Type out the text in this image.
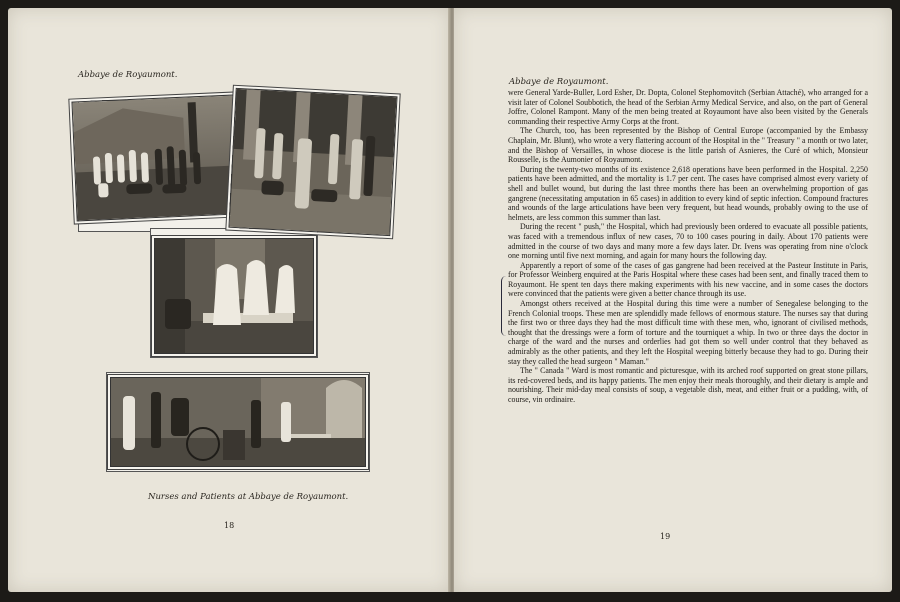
Abbaye de Royaumont.
Nurses and Patients at Abbaye de Royaumont.
18
Abbaye de Royaumont.

were General Yarde-Buller, Lord Esher, Dr. Dopta, Colonel Stephomovitch (Serbian Attaché), who arranged for a visit later of Colonel Soubbotich, the head of the Serbian Army Medical Service, and also, on the part of General Joffre, Colonel Rampont. Many of the men being treated at Royaumont have also been visited by the Generals commanding their respective Army Corps at the front.

The Church, too, has been represented by the Bishop of Central Europe (accompanied by the Embassy Chaplain, Mr. Blunt), who wrote a very flattering account of the Hospital in the " Treasury " a month or two later, and the Bishop of Versailles, in whose diocese is the little parish of Asnieres, the Curé of which, Monsieur Rousselle, is the Aumonier of Royaumont.

During the twenty-two months of its existence 2,618 operations have been performed in the Hospital. 2,250 patients have been admitted, and the mortality is 1.7 per cent. The cases have comprised almost every variety of shell and bullet wound, but during the last three months there has been an overwhelming proportion of gas gangrene (necessitating amputation in 65 cases) in addition to every kind of septic infection. Compound fractures and wounds of the large articulations have been very frequent, but head wounds, probably owing to the use of helmets, are less common this summer than last.

During the recent " push," the Hospital, which had previously been ordered to evacuate all possible patients, was faced with a tremendous influx of new cases, 70 to 100 cases pouring in daily. About 170 patients were admitted in the course of two days and many more a few days later. Dr. Ivens was operating from nine o'clock one morning until five next morning, and again for many hours the following day.

Apparently a report of some of the cases of gas gangrene had been received at the Pasteur Institute in Paris, for Professor Weinberg enquired at the Paris Hospital where these cases had been sent, and finally traced them to Royaumont. He spent ten days there making experiments with his new vaccine, and in some cases the doctors were convinced that the patients were given a better chance through its use.

Amongst others received at the Hospital during this time were a number of Senegalese belonging to the French Colonial troops. These men are splendidly made fellows of enormous stature. The nurses say that during the first two or three days they had the most difficult time with these men, who, ignorant of civilised methods, thought that the dressings were a form of torture and the tourniquet a whip. In two or three days the doctor in charge of the ward and the nurses and orderlies had got them so well under control that they behaved as admirably as the other patients, and they left the Hospital weeping bitterly because they had to go. During their stay they called the head surgeon " Maman."

The " Canada " Ward is most romantic and picturesque, with its arched roof supported on great stone pillars, its red-covered beds, and its happy patients. The men enjoy their meals thoroughly, and their dietary is ample and nourishing. Their mid-day meal consists of soup, a vegetable dish, meat, and either fruit or a pudding, with, of course, vin ordinaire.

19
